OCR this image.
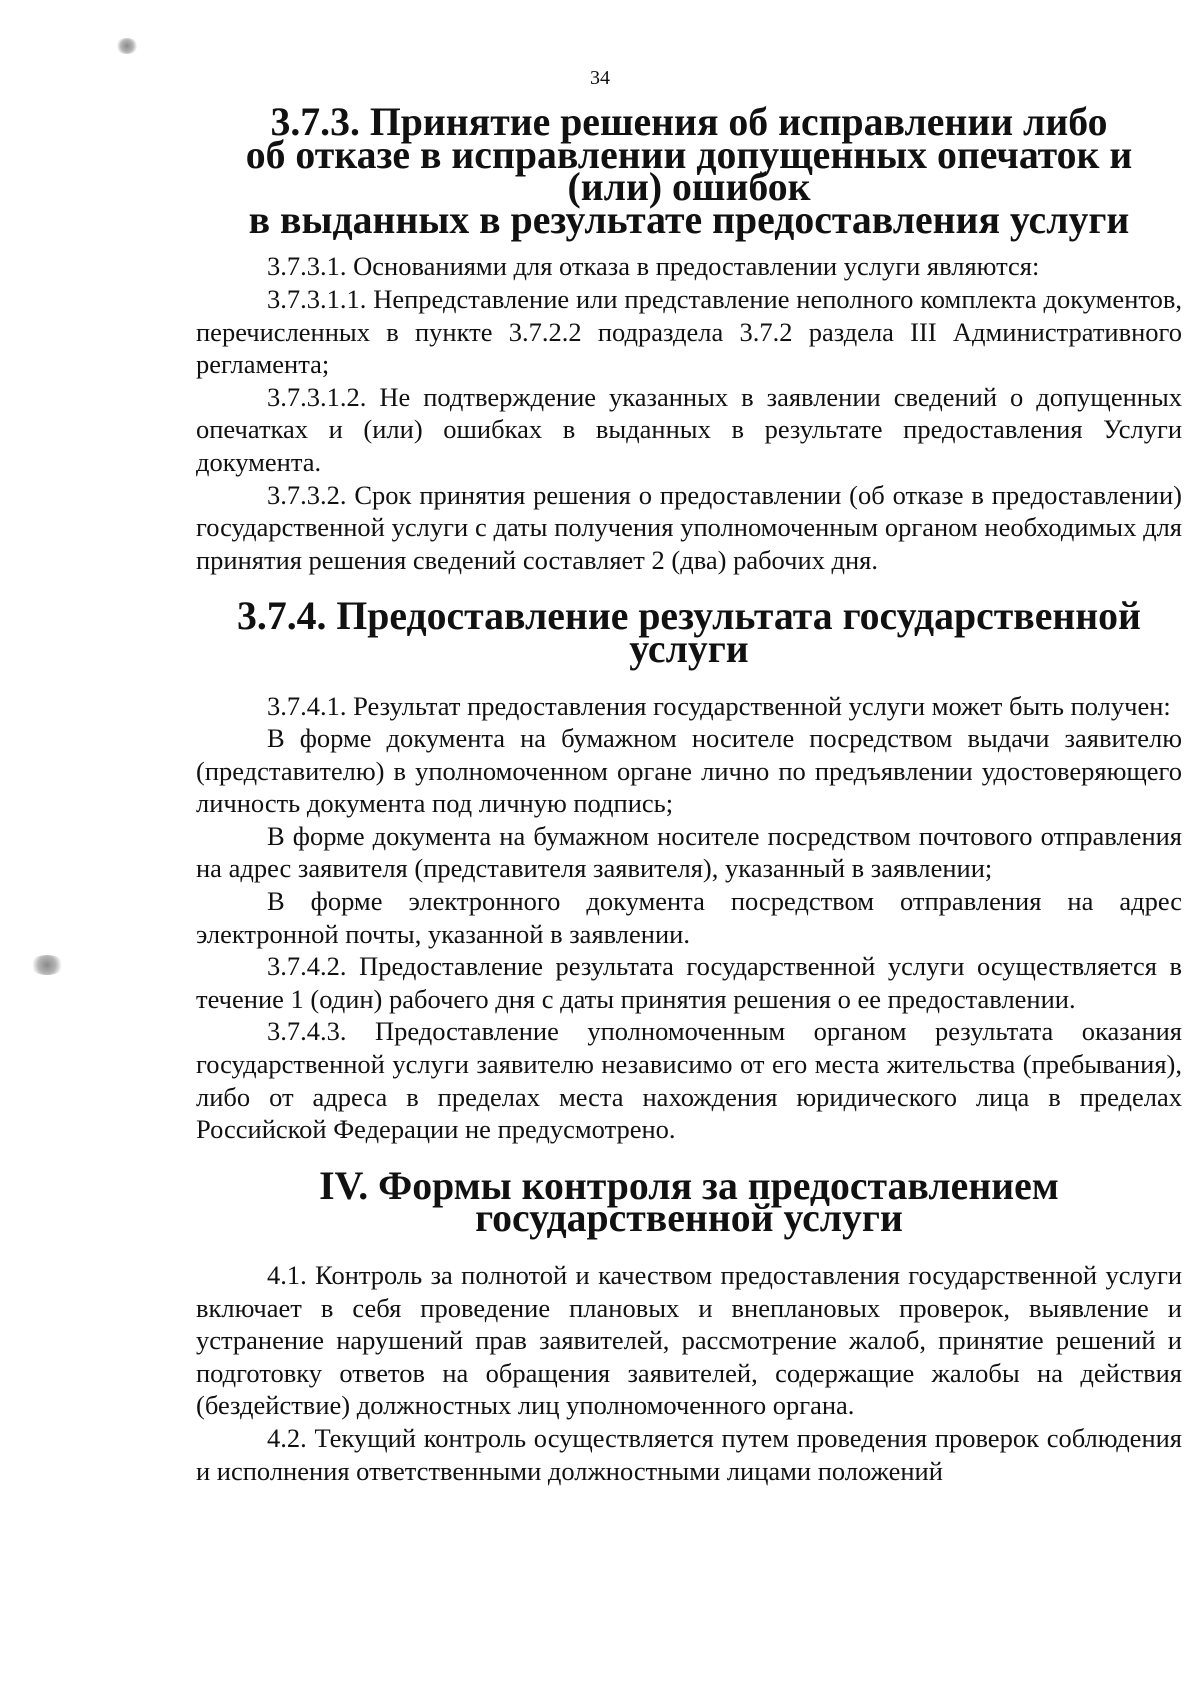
34
3.7.3. Принятие решения об исправлении либо
об отказе в исправлении допущенных опечаток и (или) ошибок
в выданных в результате предоставления услуги

3.7.3.1. Основаниями для отказа в предоставлении услуги являются:

3.7.3.1.1. Непредставление или представление неполного комплекта документов, перечисленных в пункте 3.7.2.2 подраздела 3.7.2 раздела III Административного регламента;

3.7.3.1.2. Не подтверждение указанных в заявлении сведений о допущенных опечатках и (или) ошибках в выданных в результате предоставления Услуги документа.

3.7.3.2. Срок принятия решения о предоставлении (об отказе в предоставлении) государственной услуги с даты получения уполномоченным органом необходимых для принятия решения сведений составляет 2 (два) рабочих дня.

3.7.4. Предоставление результата государственной услуги

3.7.4.1. Результат предоставления государственной услуги может быть получен:

В форме документа на бумажном носителе посредством выдачи заявителю (представителю) в уполномоченном органе лично по предъявлении удостоверяющего личность документа под личную подпись;

В форме документа на бумажном носителе посредством почтового отправления на адрес заявителя (представителя заявителя), указанный в заявлении;

В форме электронного документа посредством отправления на адрес электронной почты, указанной в заявлении.

3.7.4.2. Предоставление результата государственной услуги осуществляется в течение 1 (один) рабочего дня с даты принятия решения о ее предоставлении.

3.7.4.3. Предоставление уполномоченным органом результата оказания государственной услуги заявителю независимо от его места жительства (пребывания), либо от адреса в пределах места нахождения юридического лица в пределах Российской Федерации не предусмотрено.

IV. Формы контроля за предоставлением государственной услуги

4.1. Контроль за полнотой и качеством предоставления государственной услуги включает в себя проведение плановых и внеплановых проверок, выявление и устранение нарушений прав заявителей, рассмотрение жалоб, принятие решений и подготовку ответов на обращения заявителей, содержащие жалобы на действия (бездействие) должностных лиц уполномоченного органа.

4.2. Текущий контроль осуществляется путем проведения проверок соблюдения и исполнения ответственными должностными лицами положений
